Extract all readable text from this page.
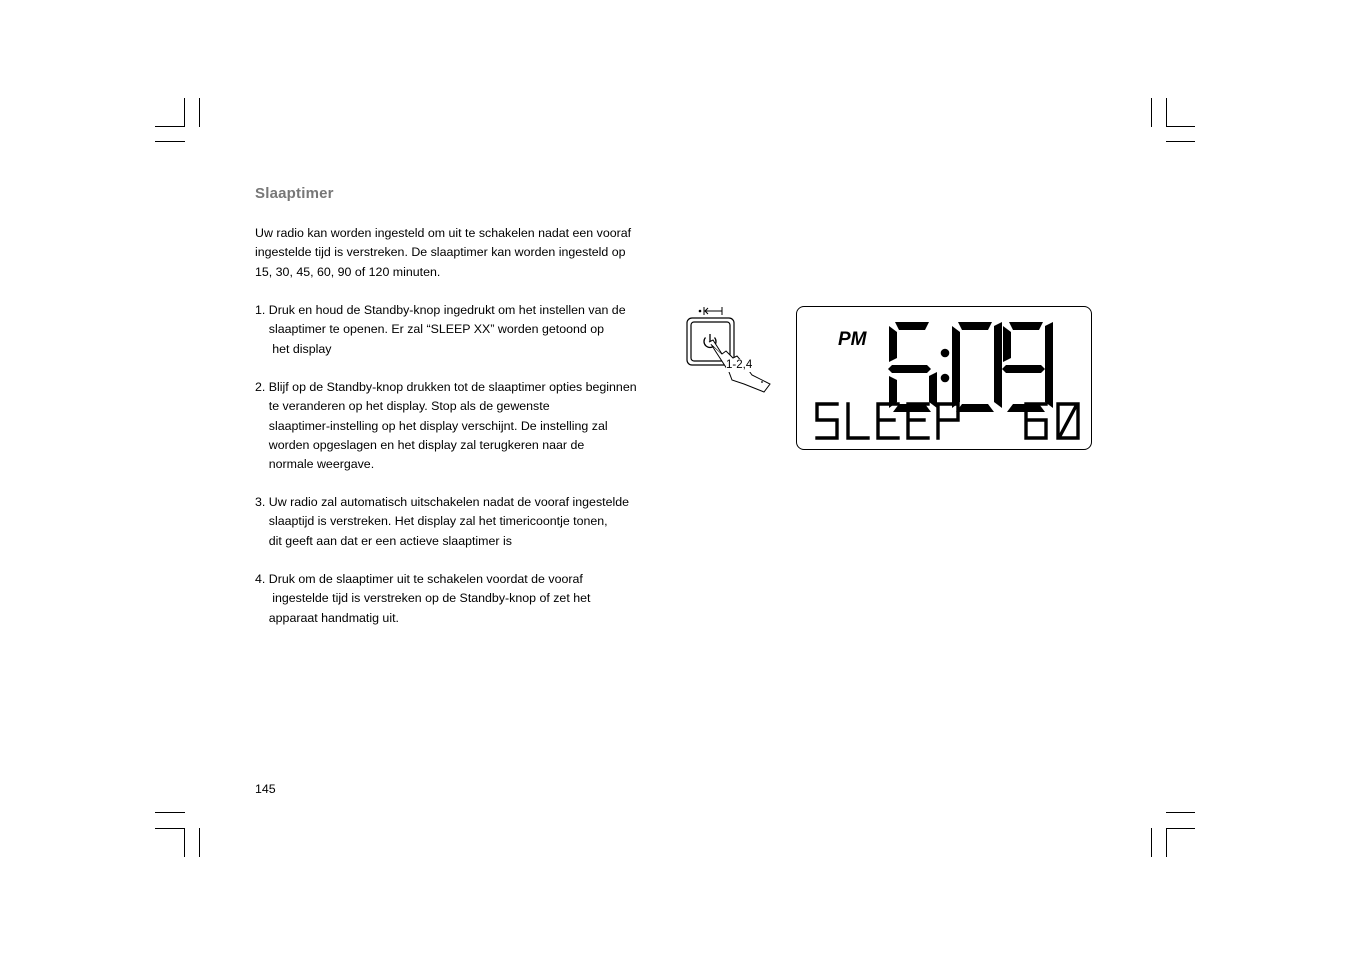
Slaaptimer

Uw radio kan worden ingesteld om uit te schakelen nadat een vooraf
ingestelde tijd is verstreken. De slaaptimer kan worden ingesteld op
15, 30, 45, 60, 90 of 120 minuten.

1. Druk en houd de Standby-knop ingedrukt om het instellen van de
slaaptimer te openen. Er zal “SLEEP XX” worden getoond op
het display

2. Blijf op de Standby-knop drukken tot de slaaptimer opties beginnen
te veranderen op het display. Stop als de gewenste
slaaptimer-instelling op het display verschijnt. De instelling zal
worden opgeslagen en het display zal terugkeren naar de
normale weergave.

3. Uw radio zal automatisch uitschakelen nadat de vooraf ingestelde
slaaptijd is verstreken. Het display zal het timericoontje tonen,
dit geeft aan dat er een actieve slaaptimer is

4. Druk om de slaaptimer uit te schakelen voordat de vooraf
ingestelde tijd is verstreken op de Standby-knop of zet het
apparaat handmatig uit.

145

1-2,4
PM
